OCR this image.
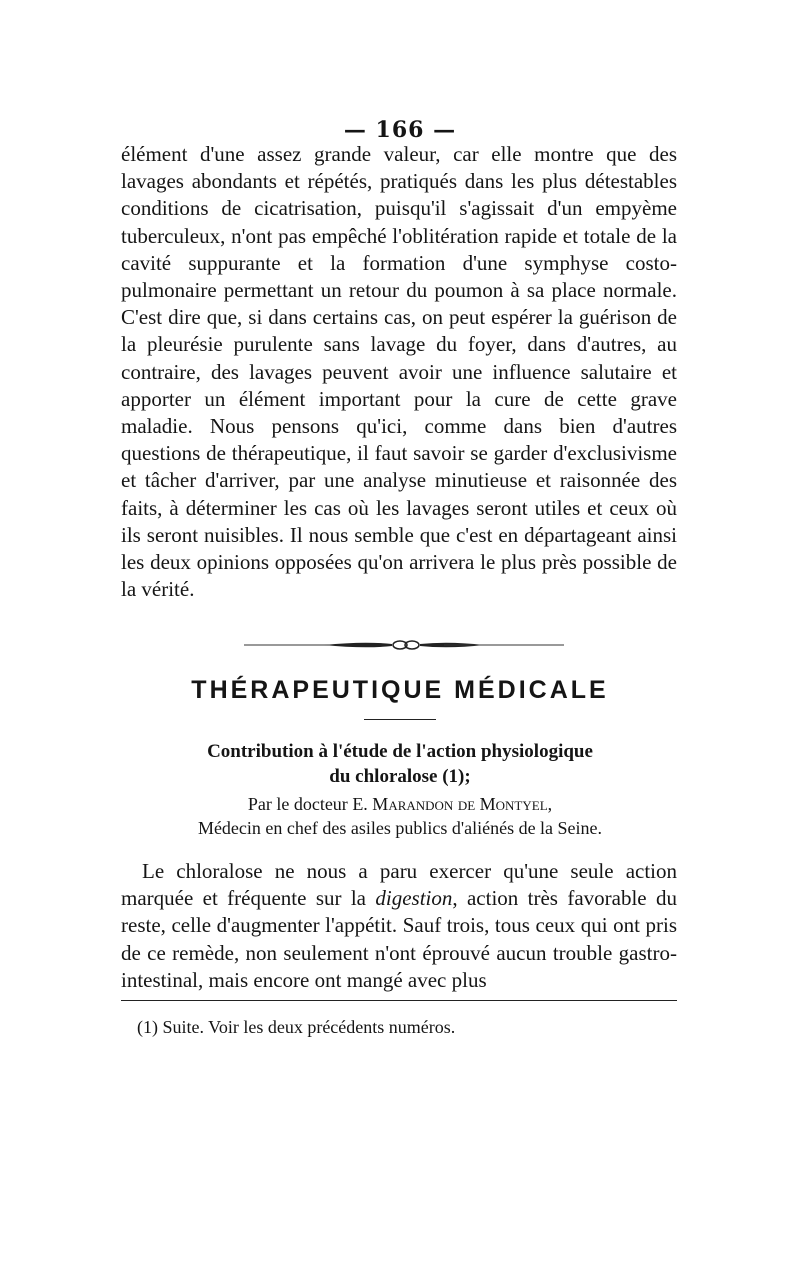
— 166 —

élément d'une assez grande valeur, car elle montre que des lavages abondants et répétés, pratiqués dans les plus détestables conditions de cicatrisation, puisqu'il s'agissait d'un empyème tuberculeux, n'ont pas empêché l'oblitération rapide et totale de la cavité suppurante et la formation d'une symphyse costo-pulmonaire permettant un retour du poumon à sa place normale. C'est dire que, si dans certains cas, on peut espérer la guérison de la pleurésie purulente sans lavage du foyer, dans d'autres, au contraire, des lavages peuvent avoir une influence salutaire et apporter un élément important pour la cure de cette grave maladie. Nous pensons qu'ici, comme dans bien d'autres questions de thérapeutique, il faut savoir se garder d'exclusivisme et tâcher d'arriver, par une analyse minutieuse et raisonnée des faits, à déterminer les cas où les lavages seront utiles et ceux où ils seront nuisibles. Il nous semble que c'est en départageant ainsi les deux opinions opposées qu'on arrivera le plus près possible de la vérité.

THÉRAPEUTIQUE MÉDICALE
Contribution à l'étude de l'action physiologique
du chloralose (1);
Par le docteur E. Marandon de Montyel,
Médecin en chef des asiles publics d'aliénés de la Seine.

Le chloralose ne nous a paru exercer qu'une seule action marquée et fréquente sur la digestion, action très favorable du reste, celle d'augmenter l'appétit. Sauf trois, tous ceux qui ont pris de ce remède, non seulement n'ont éprouvé aucun trouble gastro-intestinal, mais encore ont mangé avec plus

(1) Suite. Voir les deux précédents numéros.
